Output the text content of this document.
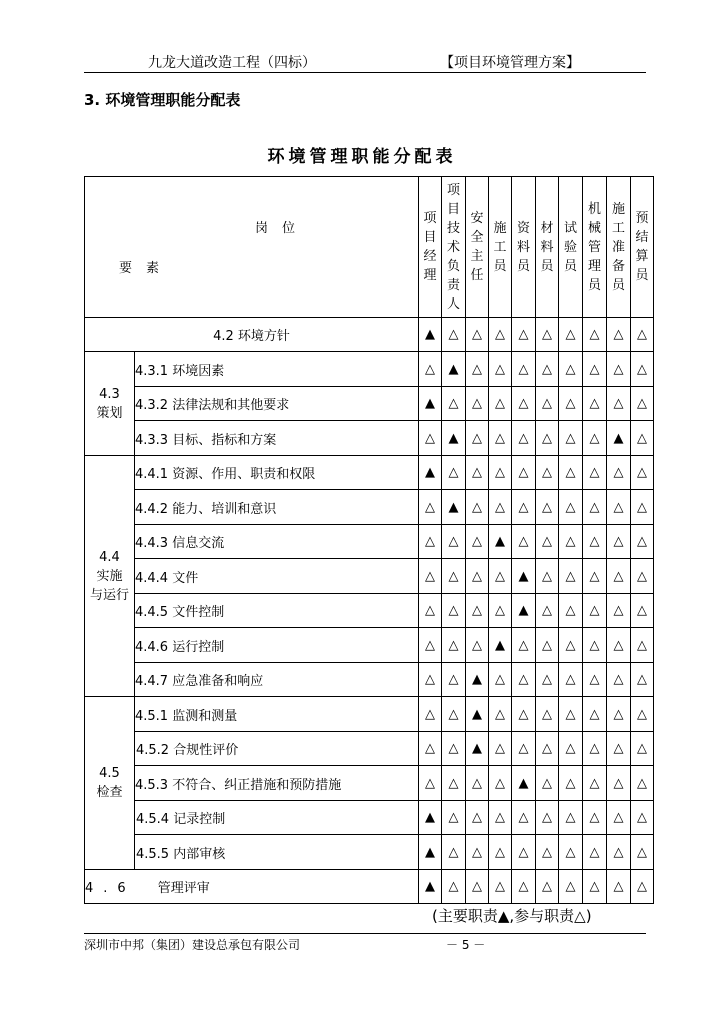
九龙大道改造工程（四标）	【项目环境管理方案】
3. 环境管理职能分配表
环境管理职能分配表
岗位
要素		项目经理	项目技术负责人	安全主任	施工员	资料员	材料员	试验员	机械管理员	施工准备员	预结算员
4.2 环境方针		▲	△	△	△	△	△	△	△	△	△
4.3
策划	4.3.1 环境因素	△	▲	△	△	△	△	△	△	△	△
	4.3.2 法律法规和其他要求	▲	△	△	△	△	△	△	△	△	△
	4.3.3 目标、指标和方案	△	▲	△	△	△	△	△	△	▲	△
4.4
实施
与运行	4.4.1 资源、作用、职责和权限	▲	△	△	△	△	△	△	△	△	△
	4.4.2 能力、培训和意识	△	▲	△	△	△	△	△	△	△	△
	4.4.3 信息交流	△	△	△	▲	△	△	△	△	△	△
	4.4.4 文件	△	△	△	△	▲	△	△	△	△	△
	4.4.5 文件控制	△	△	△	△	▲	△	△	△	△	△
	4.4.6 运行控制	△	△	△	▲	△	△	△	△	△	△
	4.4.7 应急准备和响应	△	△	▲	△	△	△	△	△	△	△
4.5
检查	4.5.1 监测和测量	△	△	▲	△	△	△	△	△	△	△
	4.5.2 合规性评价	△	△	▲	△	△	△	△	△	△	△
	4.5.3 不符合、纠正措施和预防措施	△	△	△	△	▲	△	△	△	△	△
	4.5.4 记录控制	▲	△	△	△	△	△	△	△	△	△
	4.5.5 内部审核	▲	△	△	△	△	△	△	△	△	△
4.6 管理评审		▲	△	△	△	△	△	△	△	△	△
(主要职责▲,参与职责△)
深圳市中邦（集团）建设总承包有限公司	－ 5 －
